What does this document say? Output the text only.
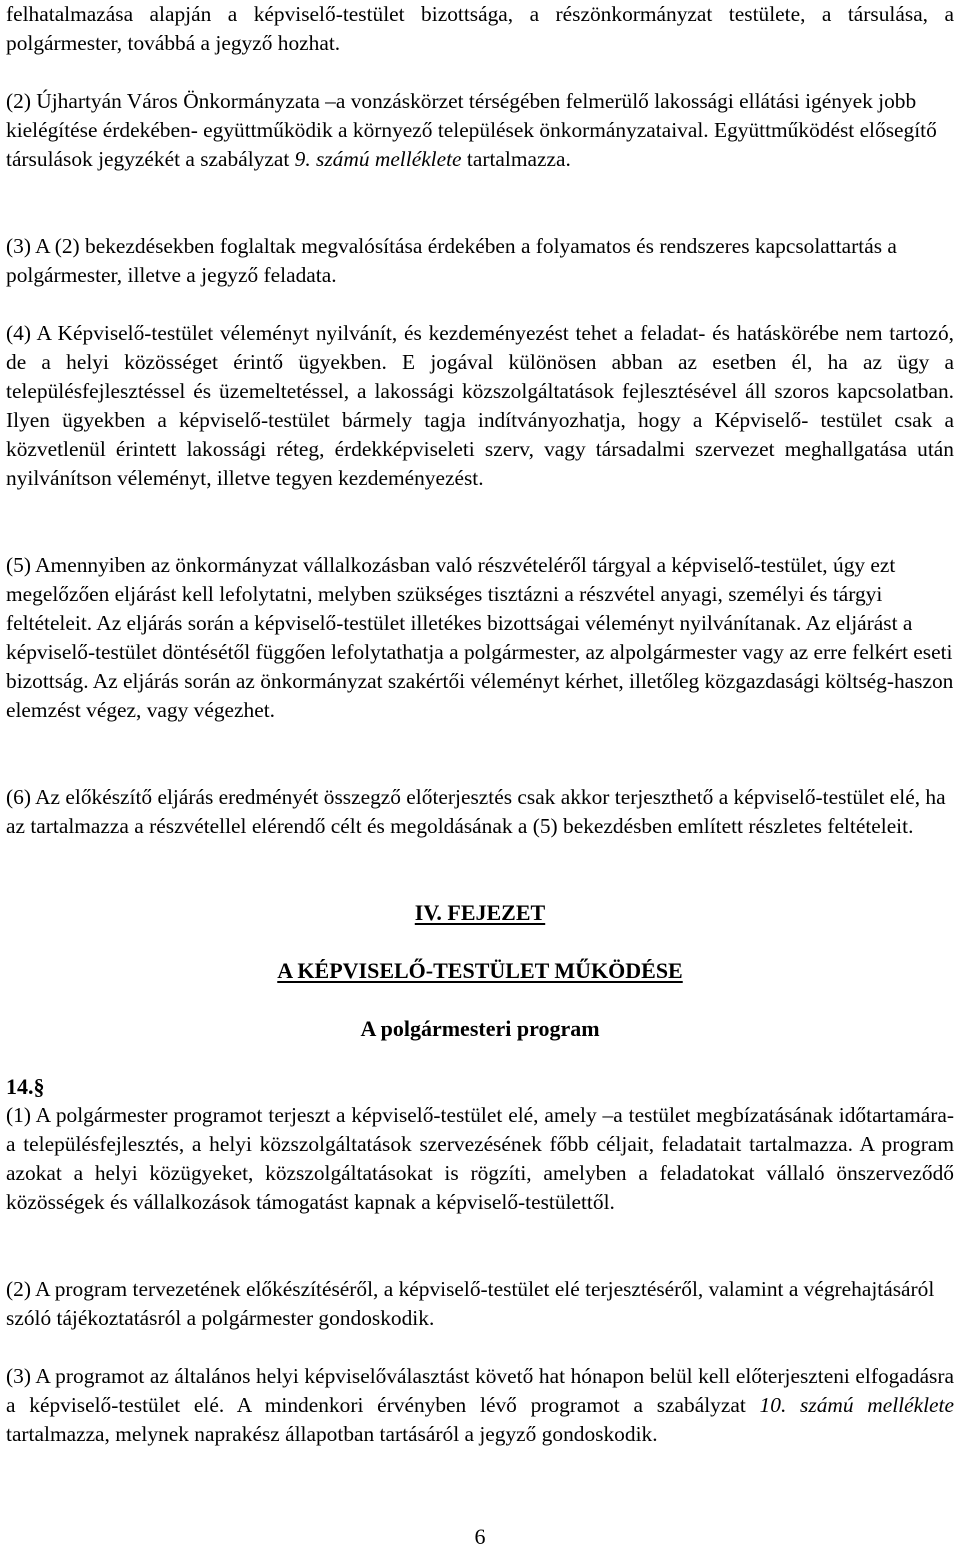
felhatalmazása alapján a képviselő-testület bizottsága, a részönkormányzat testülete, a társulása, a polgármester, továbbá a jegyző hozhat.

(2) Újhartyán Város Önkormányzata –a vonzáskörzet térségében felmerülő lakossági ellátási igények jobb kielégítése érdekében- együttműködik a környező települések önkormányzataival. Együttműködést elősegítő társulások jegyzékét a szabályzat 9. számú melléklete tartalmazza.

(3) A (2) bekezdésekben foglaltak megvalósítása érdekében a folyamatos és rendszeres kapcsolattartás a polgármester, illetve a jegyző feladata.

(4) A Képviselő-testület véleményt nyilvánít, és kezdeményezést tehet a feladat- és hatáskörébe nem tartozó, de a helyi közösséget érintő ügyekben. E jogával különösen abban az esetben él, ha az ügy a településfejlesztéssel és üzemeltetéssel, a lakossági közszolgáltatások fejlesztésével áll szoros kapcsolatban. Ilyen ügyekben a képviselő-testület bármely tagja indítványozhatja, hogy a Képviselő- testület csak a közvetlenül érintett lakossági réteg, érdekképviseleti szerv, vagy társadalmi szervezet meghallgatása után nyilvánítson véleményt, illetve tegyen kezdeményezést.

(5) Amennyiben az önkormányzat vállalkozásban való részvételéről tárgyal a képviselő-testület, úgy ezt megelőzően eljárást kell lefolytatni, melyben szükséges tisztázni a részvétel anyagi, személyi és tárgyi feltételeit. Az eljárás során a képviselő-testület illetékes bizottságai véleményt nyilvánítanak. Az eljárást a képviselő-testület döntésétől függően lefolytathatja a polgármester, az alpolgármester vagy az erre felkért eseti bizottság. Az eljárás során az önkormányzat szakértői véleményt kérhet, illetőleg közgazdasági költség-haszon elemzést végez, vagy végezhet.

(6) Az előkészítő eljárás eredményét összegző előterjesztés csak akkor terjeszthető a képviselő-testület elé, ha az tartalmazza a részvétellel elérendő célt és megoldásának a (5) bekezdésben említett részletes feltételeit.

IV. FEJEZET
A KÉPVISELŐ-TESTÜLET MŰKÖDÉSE
A polgármesteri program
14.§

(1) A polgármester programot terjeszt a képviselő-testület elé, amely –a testület megbízatásának időtartamára- a településfejlesztés, a helyi közszolgáltatások szervezésének főbb céljait, feladatait tartalmazza. A program azokat a helyi közügyeket, közszolgáltatásokat is rögzíti, amelyben a feladatokat vállaló önszerveződő közösségek és vállalkozások támogatást kapnak a képviselő-testülettől.

(2) A program tervezetének előkészítéséről, a képviselő-testület elé terjesztéséről, valamint a végrehajtásáról szóló tájékoztatásról a polgármester gondoskodik.

(3) A programot az általános helyi képviselőválasztást követő hat hónapon belül kell előterjeszteni elfogadásra a képviselő-testület elé. A mindenkori érvényben lévő programot a szabályzat 10. számú melléklete tartalmazza, melynek naprakész állapotban tartásáról a jegyző gondoskodik.

6
